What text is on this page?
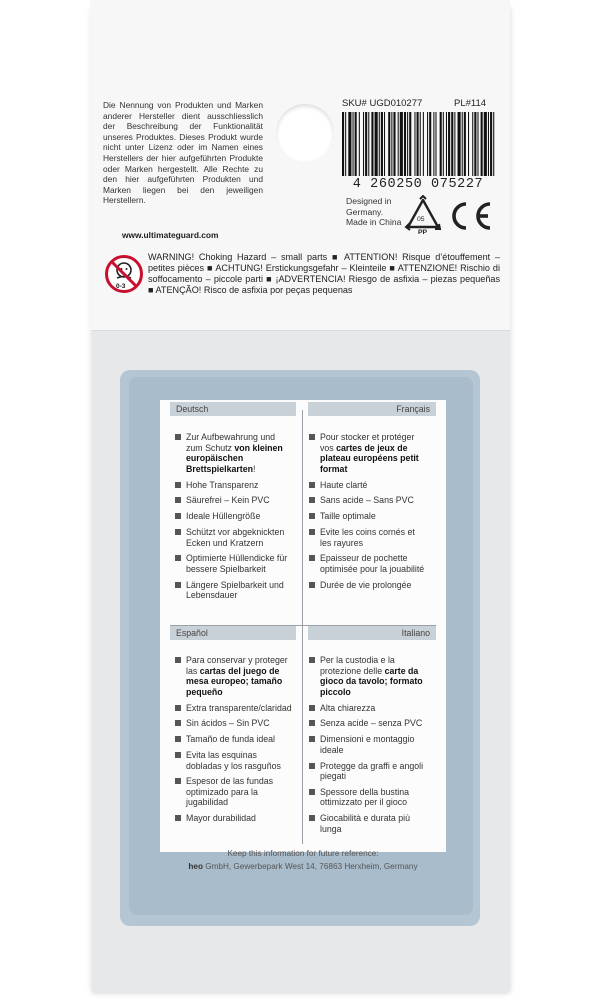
Die Nennung von Produkten und Marken anderer Hersteller dient ausschliesslich der Beschreibung der Funktionalität unseres Produktes. Dieses Produkt wurde nicht unter Lizenz oder im Namen eines Herstellers der hier aufgeführten Produkte oder Marken hergestellt. Alle Rechte zu den hier aufgeführten Produkten und Marken liegen bei den jeweiligen Herstellern.
www.ultimateguard.com
SKU# UGD010277	PL#114
4 260250 075227
Designed in
Germany.
Made in China	05
PP
0-3
WARNING! Choking Hazard – small parts ■ ATTENTION! Risque d’étouffement – petites pièces ■ ACHTUNG! Erstickungsgefahr – Kleinteile ■ ATTENZIONE! Rischio di soffocamento – piccole parti ■ ¡ADVERTENCIA! Riesgo de asfixia – piezas pequeñas ■ ATENÇÃO! Risco de asfixia por peças pequenas
Deutsch	Français
Español	Italiano
Zur Aufbewahrung und zum Schutz von kleinen europäischen Brettspielkarten!
Hohe Transparenz
Säurefrei – Kein PVC
Ideale Hüllengröße
Schützt vor abgeknickten Ecken und Kratzern
Optimierte Hüllendicke für bessere Spielbarkeit
Längere Spielbarkeit und Lebensdauer
Pour stocker et protéger vos cartes de jeux de plateau européens petit format
Haute clarté
Sans acide – Sans PVC
Taille optimale
Evite les coins cornés et les rayures
Epaisseur de pochette optimisée pour la jouabilité
Durée de vie prolongée
Para conservar y proteger las cartas del juego de mesa europeo; tamaño pequeño
Extra transparente/claridad
Sin ácidos – Sin PVC
Tamaño de funda ideal
Evita las esquinas dobladas y los rasguños
Espesor de las fundas optimizado para la jugabilidad
Mayor durabilidad
Per la custodia e la protezione delle carte da gioco da tavolo; formato piccolo
Alta chiarezza
Senza acide – senza PVC
Dimensioni e montaggio ideale
Protegge da graffi e angoli piegati
Spessore della bustina ottimizzato per il gioco
Giocabilità e durata più lunga
Keep this information for future reference:
heo GmbH, Gewerbepark West 14, 76863 Herxheim, Germany
